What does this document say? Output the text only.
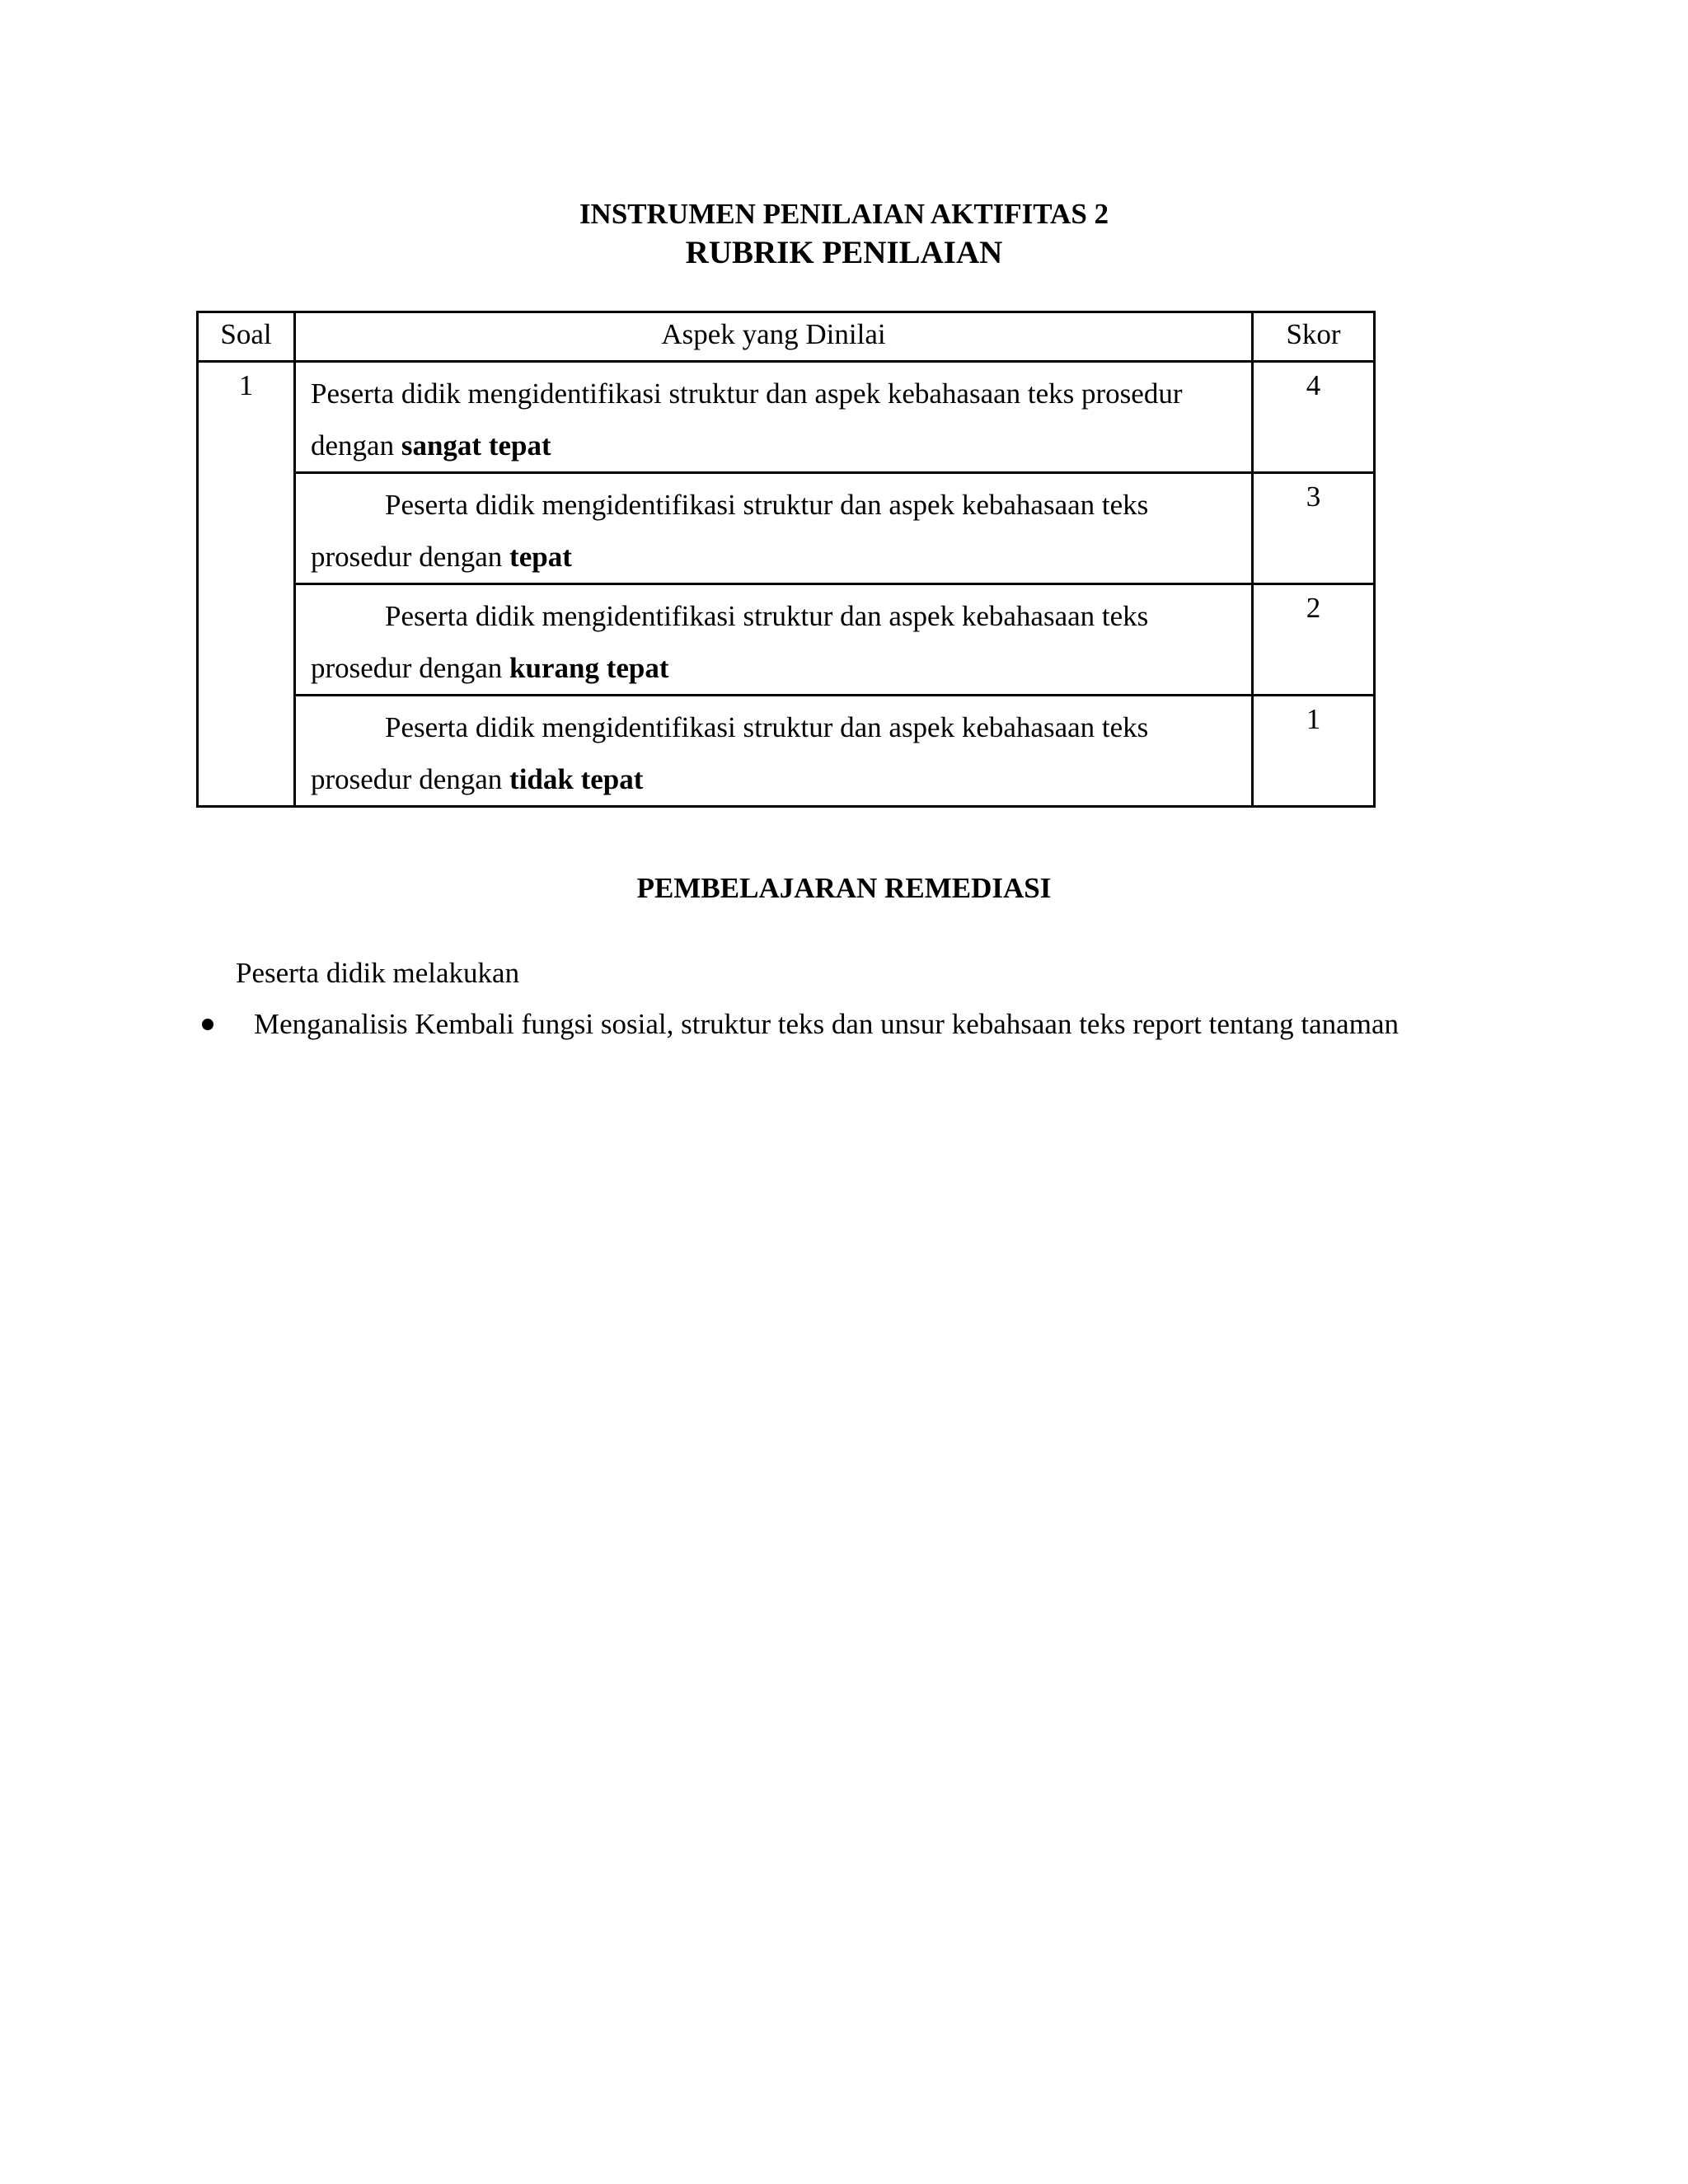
INSTRUMEN PENILAIAN AKTIFITAS 2
RUBRIK PENILAIAN
Soal	Aspek yang Dinilai	Skor
1	Peserta didik mengidentifikasi struktur dan aspek kebahasaan teks prosedur dengan sangat tepat	4
	Peserta didik mengidentifikasi struktur dan aspek kebahasaan teks prosedur dengan tepat	3
	Peserta didik mengidentifikasi struktur dan aspek kebahasaan teks prosedur dengan kurang tepat	2
	Peserta didik mengidentifikasi struktur dan aspek kebahasaan teks prosedur dengan tidak tepat	1
PEMBELAJARAN REMEDIASI
Peserta didik melakukan
Menganalisis Kembali fungsi sosial, struktur teks dan unsur kebahsaan teks report tentang tanaman
